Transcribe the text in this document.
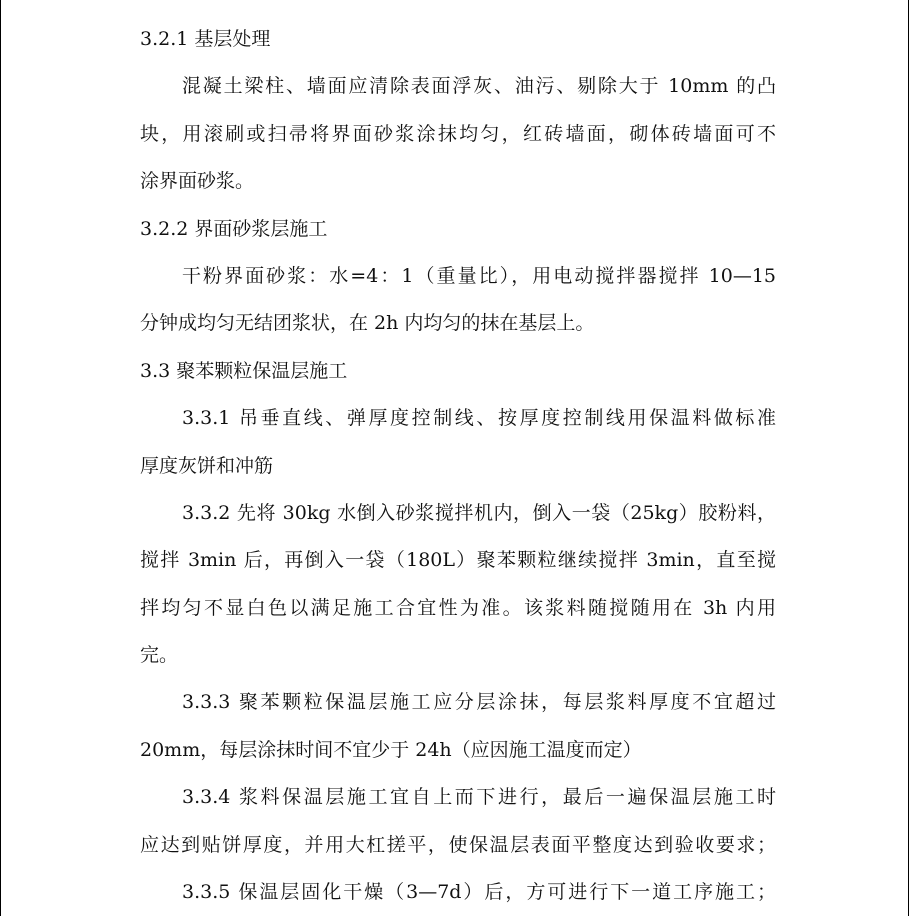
3.2.1 基层处理
混凝土梁柱、墙面应清除表面浮灰、油污、剔除大于 10mm 的凸
块，用滚刷或扫帚将界面砂浆涂抹均匀，红砖墙面，砌体砖墙面可不
涂界面砂浆。
3.2.2 界面砂浆层施工
干粉界面砂浆：水=4：1（重量比），用电动搅拌器搅拌 10—15
分钟成均匀无结团浆状，在 2h 内均匀的抹在基层上。
3.3 聚苯颗粒保温层施工
3.3.1 吊垂直线、弹厚度控制线、按厚度控制线用保温料做标准
厚度灰饼和冲筋
3.3.2 先将 30kg 水倒入砂浆搅拌机内，倒入一袋（25kg）胶粉料，
搅拌 3min 后，再倒入一袋（180L）聚苯颗粒继续搅拌 3min，直至搅
拌均匀不显白色以满足施工合宜性为准。该浆料随搅随用在 3h 内用
完。
3.3.3 聚苯颗粒保温层施工应分层涂抹，每层浆料厚度不宜超过
20mm，每层涂抹时间不宜少于 24h（应因施工温度而定）
3.3.4 浆料保温层施工宜自上而下进行，最后一遍保温层施工时
应达到贴饼厚度，并用大杠搓平，使保温层表面平整度达到验收要求；
3.3.5 保温层固化干燥（3—7d）后，方可进行下一道工序施工；
